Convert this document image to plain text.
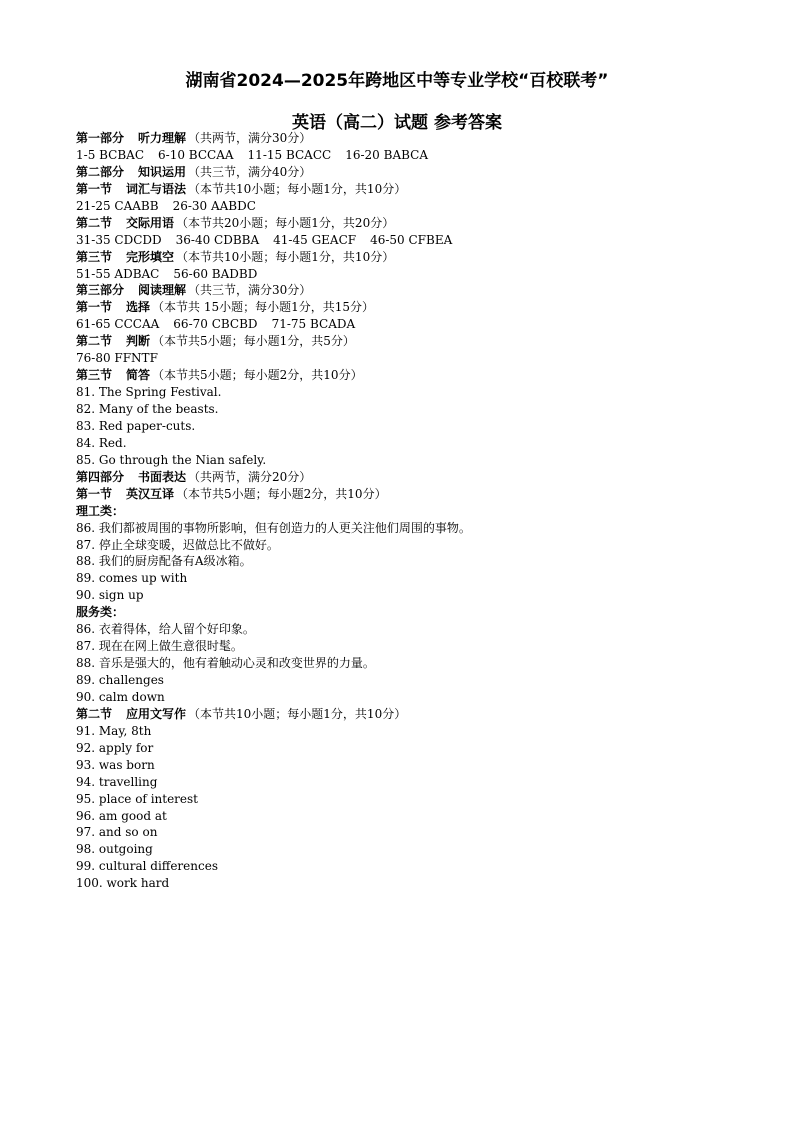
湖南省2024—2025年跨地区中等专业学校“百校联考”
英语（高二）试题 参考答案
第一部分 听力理解 （共两节，满分30分）
1-5 BCBAC 6-10 BCCAA 11-15 BCACC 16-20 BABCA
第二部分 知识运用 （共三节，满分40分）
第一节 词汇与语法 （本节共10小题；每小题1分，共10分）
21-25 CAABB 26-30 AABDC
第二节 交际用语 （本节共20小题；每小题1分，共20分）
31-35 CDCDD 36-40 CDBBA 41-45 GEACF 46-50 CFBEA
第三节 完形填空 （本节共10小题；每小题1分，共10分）
51-55 ADBAC 56-60 BADBD
第三部分 阅读理解 （共三节，满分30分）
第一节 选择 （本节共 15小题；每小题1分，共15分）
61-65 CCCAA 66-70 CBCBD 71-75 BCADA
第二节 判断 （本节共5小题；每小题1分，共5分）
76-80 FFNTF
第三节 简答 （本节共5小题；每小题2分，共10分）
81. The Spring Festival.
82. Many of the beasts.
83. Red paper-cuts.
84. Red.
85. Go through the Nian safely.
第四部分 书面表达 （共两节，满分20分）
第一节 英汉互译 （本节共5小题；每小题2分，共10分）
理工类：
86. 我们都被周围的事物所影响，但有创造力的人更关注他们周围的事物。
87. 停止全球变暖，迟做总比不做好。
88. 我们的厨房配备有A级冰箱。
89. comes up with
90. sign up
服务类：
86. 衣着得体，给人留个好印象。
87. 现在在网上做生意很时髦。
88. 音乐是强大的，他有着触动心灵和改变世界的力量。
89. challenges
90. calm down
第二节 应用文写作 （本节共10小题；每小题1分，共10分）
91. May, 8th
92. apply for
93. was born
94. travelling
95. place of interest
96. am good at
97. and so on
98. outgoing
99. cultural differences
100. work hard
